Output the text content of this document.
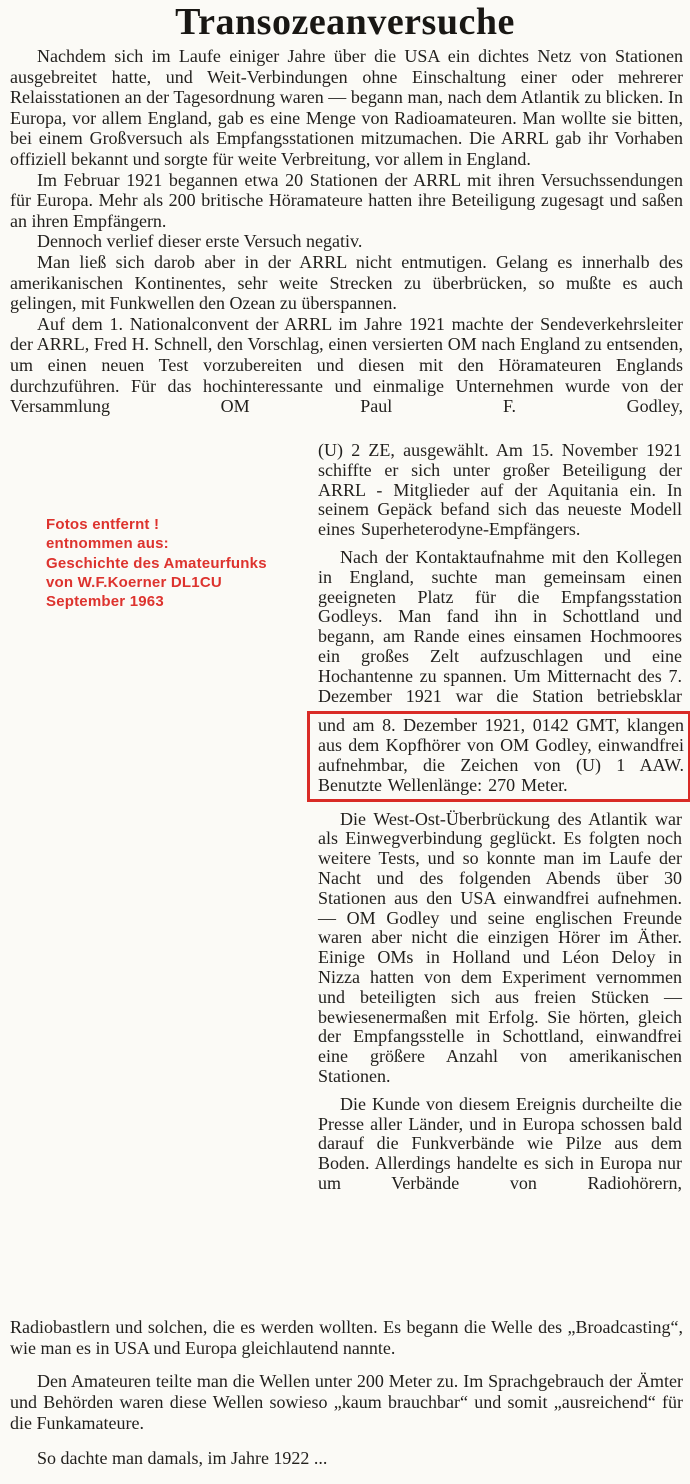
Transozeanversuche

Nachdem sich im Laufe einiger Jahre über die USA ein dichtes Netz von Stationen ausgebreitet hatte, und Weit-Verbindungen ohne Einschaltung einer oder mehrerer Relaisstationen an der Tagesordnung waren — begann man, nach dem Atlantik zu blicken. In Europa, vor allem England, gab es eine Menge von Radioamateuren. Man wollte sie bitten, bei einem Großversuch als Empfangsstationen mitzumachen. Die ARRL gab ihr Vorhaben offiziell bekannt und sorgte für weite Verbreitung, vor allem in England.

Im Februar 1921 begannen etwa 20 Stationen der ARRL mit ihren Versuchssendungen für Europa. Mehr als 200 britische Höramateure hatten ihre Beteiligung zugesagt und saßen an ihren Empfängern.

Dennoch verlief dieser erste Versuch negativ.

Man ließ sich darob aber in der ARRL nicht entmutigen. Gelang es innerhalb des amerikanischen Kontinentes, sehr weite Strecken zu überbrücken, so mußte es auch gelingen, mit Funkwellen den Ozean zu überspannen.

Auf dem 1. Nationalconvent der ARRL im Jahre 1921 machte der Sendeverkehrsleiter der ARRL, Fred H. Schnell, den Vorschlag, einen versierten OM nach England zu entsenden, um einen neuen Test vorzubereiten und diesen mit den Höramateuren Englands durchzuführen. Für das hochinteressante und einmalige Unternehmen wurde von der Versammlung OM Paul F. Godley,

Fotos entfernt !
entnommen aus:
Geschichte des Amateurfunks
von W.F.Koerner DL1CU
September 1963

(U) 2 ZE, ausgewählt. Am 15. November 1921 schiffte er sich unter großer Beteiligung der ARRL - Mitglieder auf der Aquitania ein. In seinem Gepäck befand sich das neueste Modell eines Superheterodyne-Empfängers.

Nach der Kontaktaufnahme mit den Kollegen in England, suchte man gemeinsam einen geeigneten Platz für die Empfangsstation Godleys. Man fand ihn in Schottland und begann, am Rande eines einsamen Hochmoores ein großes Zelt aufzuschlagen und eine Hochantenne zu spannen. Um Mitternacht des 7. Dezember 1921 war die Station betriebsklar

und am 8. Dezember 1921, 0142 GMT, klangen aus dem Kopfhörer von OM Godley, einwandfrei aufnehmbar, die Zeichen von (U) 1 AAW. Benutzte Wellenlänge: 270 Meter.

Die West-Ost-Überbrückung des Atlantik war als Einwegverbindung geglückt. Es folgten noch weitere Tests, und so konnte man im Laufe der Nacht und des folgenden Abends über 30 Stationen aus den USA einwandfrei aufnehmen. — OM Godley und seine englischen Freunde waren aber nicht die einzigen Hörer im Äther. Einige OMs in Holland und Léon Deloy in Nizza hatten von dem Experiment vernommen und beteiligten sich aus freien Stücken — bewiesenermaßen mit Erfolg. Sie hörten, gleich der Empfangsstelle in Schottland, einwandfrei eine größere Anzahl von amerikanischen Stationen.

Die Kunde von diesem Ereignis durcheilte die Presse aller Länder, und in Europa schossen bald darauf die Funkverbände wie Pilze aus dem Boden. Allerdings handelte es sich in Europa nur um Verbände von Radiohörern,

Radiobastlern und solchen, die es werden wollten. Es begann die Welle des „Broadcasting“, wie man es in USA und Europa gleichlautend nannte.

Den Amateuren teilte man die Wellen unter 200 Meter zu. Im Sprachgebrauch der Ämter und Behörden waren diese Wellen sowieso „kaum brauchbar“ und somit „ausreichend“ für die Funkamateure.

So dachte man damals, im Jahre 1922 ...
